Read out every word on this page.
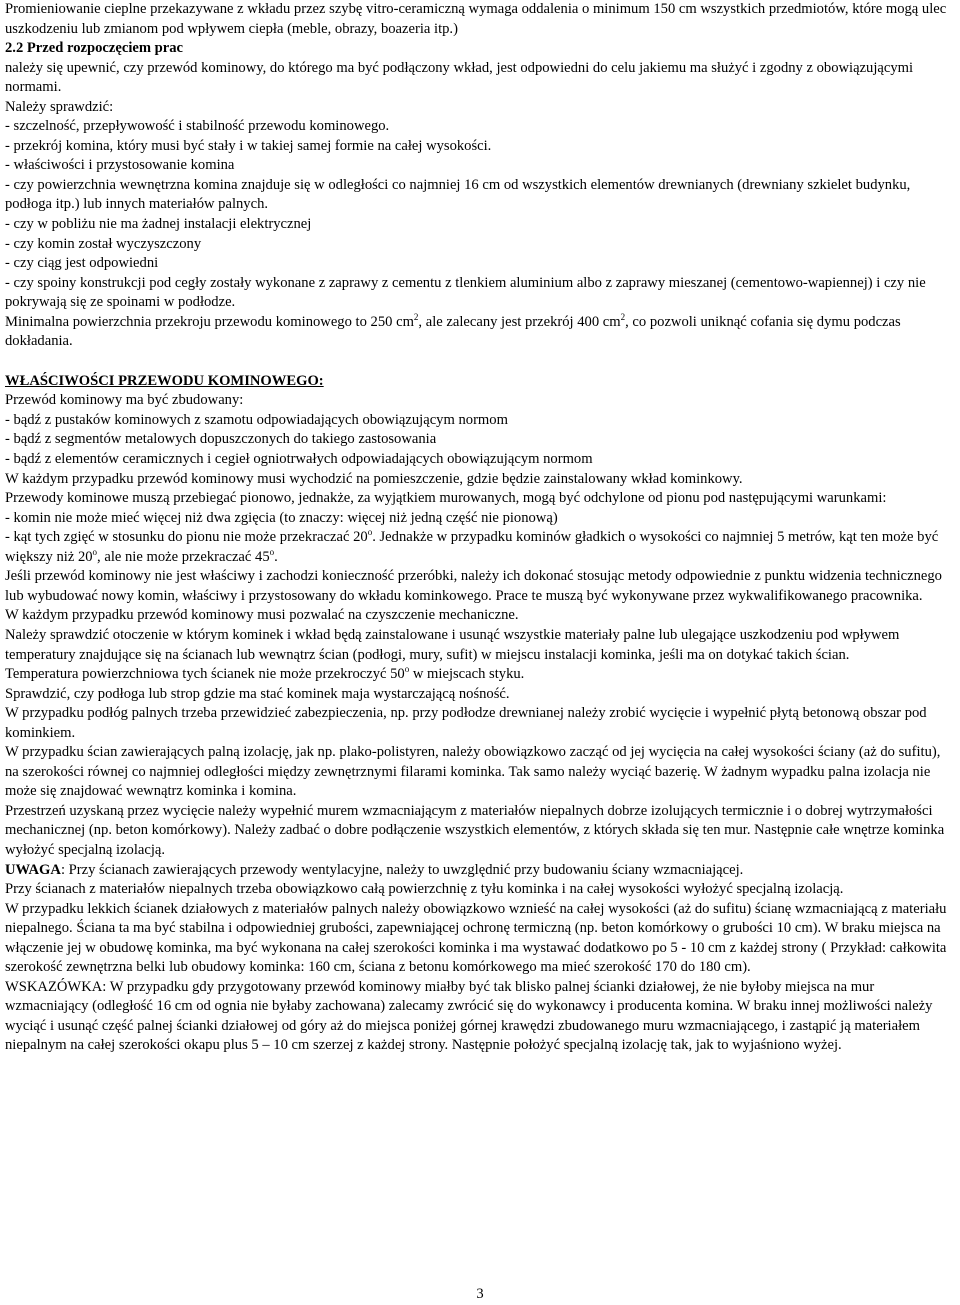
Promieniowanie cieplne przekazywane z wkładu przez szybę vitro-ceramiczną wymaga oddalenia o minimum 150 cm wszystkich przedmiotów, które mogą ulec uszkodzeniu lub zmianom pod wpływem ciepła (meble, obrazy, boazeria itp.)

2.2 Przed rozpoczęciem prac

należy się upewnić, czy przewód kominowy, do którego ma być podłączony wkład, jest odpowiedni do celu jakiemu ma służyć i zgodny z obowiązującymi normami.

Należy sprawdzić:

- szczelność, przepływowość i stabilność przewodu kominowego.

- przekrój komina, który musi być stały i w takiej samej formie na całej wysokości.

- właściwości i przystosowanie komina

- czy powierzchnia wewnętrzna komina znajduje się w odległości co najmniej 16 cm od wszystkich elementów drewnianych (drewniany szkielet budynku, podłoga itp.) lub innych materiałów palnych.

- czy w pobliżu nie ma żadnej instalacji elektrycznej

- czy komin został wyczyszczony

- czy ciąg jest odpowiedni

- czy spoiny konstrukcji pod cegły zostały wykonane z zaprawy z cementu z tlenkiem aluminium albo z zaprawy mieszanej (cementowo-wapiennej) i czy nie pokrywają się ze spoinami w podłodze.

Minimalna powierzchnia przekroju przewodu kominowego to 250 $cm^2$, ale zalecany jest przekrój 400 $cm^2$, co pozwoli uniknąć cofania się dymu podczas dokładania.

WŁAŚCIWOŚCI PRZEWODU KOMINOWEGO:

Przewód kominowy ma być zbudowany:

- bądź z pustaków kominowych z szamotu odpowiadających obowiązującym normom

- bądź z segmentów metalowych dopuszczonych do takiego zastosowania

- bądź z elementów ceramicznych i cegieł ogniotrwałych odpowiadających obowiązującym normom

W każdym przypadku przewód kominowy musi wychodzić na pomieszczenie, gdzie będzie zainstalowany wkład kominkowy.

Przewody kominowe muszą przebiegać pionowo, jednakże, za wyjątkiem murowanych, mogą być odchylone od pionu pod następującymi warunkami:

- komin nie może mieć więcej niż dwa zgięcia (to znaczy: więcej niż jedną część nie pionową)

- kąt tych zgięć w stosunku do pionu nie może przekraczać 20$^o$. Jednakże w przypadku kominów gładkich o wysokości co najmniej 5 metrów, kąt ten może być większy niż 20$^o$, ale nie może przekraczać 45$^o$.

Jeśli przewód kominowy nie jest właściwy i zachodzi konieczność przeróbki, należy ich dokonać stosując metody odpowiednie z punktu widzenia technicznego lub wybudować nowy komin, właściwy i przystosowany do wkładu kominkowego. Prace te muszą być wykonywane przez wykwalifikowanego pracownika.

W każdym przypadku przewód kominowy musi pozwalać na czyszczenie mechaniczne.

Należy sprawdzić otoczenie w którym kominek i wkład będą zainstalowane i usunąć wszystkie materiały palne lub ulegające uszkodzeniu pod wpływem temperatury znajdujące się na ścianach lub wewnątrz ścian (podłogi, mury, sufit) w miejscu instalacji kominka, jeśli ma on dotykać takich ścian.

Temperatura powierzchniowa tych ścianek nie może przekroczyć 50$^o$ w miejscach styku.

Sprawdzić, czy podłoga lub strop gdzie ma stać kominek maja wystarczającą nośność.

W przypadku podłóg palnych trzeba przewidzieć zabezpieczenia, np. przy podłodze drewnianej należy zrobić wycięcie i wypełnić płytą betonową obszar pod kominkiem.

W przypadku ścian zawierających palną izolację, jak np. plako-polistyren, należy obowiązkowo zacząć od jej wycięcia na całej wysokości ściany (aż do sufitu), na szerokości równej co najmniej odległości między zewnętrznymi filarami kominka. Tak samo należy wyciąć bazerię. W żadnym wypadku palna izolacja nie może się znajdować wewnątrz kominka i komina.

Przestrzeń uzyskaną przez wycięcie należy wypełnić murem wzmacniającym z materiałów niepalnych dobrze izolujących termicznie i o dobrej wytrzymałości mechanicznej (np. beton komórkowy). Należy zadbać o dobre podłączenie wszystkich elementów, z których składa się ten mur. Następnie całe wnętrze kominka wyłożyć specjalną izolacją.

UWAGA: Przy ścianach zawierających przewody wentylacyjne, należy to uwzględnić przy budowaniu ściany wzmacniającej.

Przy ścianach z materiałów niepalnych trzeba obowiązkowo całą powierzchnię z tyłu kominka i na całej wysokości wyłożyć specjalną izolacją.

W przypadku lekkich ścianek działowych z materiałów palnych należy obowiązkowo wznieść na całej wysokości (aż do sufitu) ścianę wzmacniającą z materiału niepalnego. Ściana ta ma być stabilna i odpowiedniej grubości, zapewniającej ochronę termiczną (np. beton komórkowy o grubości 10 cm). W braku miejsca na włączenie jej w obudowę kominka, ma być wykonana na całej szerokości kominka i ma wystawać dodatkowo po 5 - 10 cm z każdej strony ( Przykład: całkowita szerokość zewnętrzna belki lub obudowy kominka: 160 cm, ściana z betonu komórkowego ma mieć szerokość 170 do 180 cm).

WSKAZÓWKA: W przypadku gdy przygotowany przewód kominowy miałby być tak blisko palnej ścianki działowej, że nie byłoby miejsca na mur wzmacniający (odległość 16 cm od ognia nie byłaby zachowana) zalecamy zwrócić się do wykonawcy i producenta komina. W braku innej możliwości należy wyciąć i usunąć część palnej ścianki działowej od góry aż do miejsca poniżej górnej krawędzi zbudowanego muru wzmacniającego, i zastąpić ją materiałem niepalnym na całej szerokości okapu plus 5 – 10 cm szerzej z każdej strony. Następnie położyć specjalną izolację tak, jak to wyjaśniono wyżej.

3
